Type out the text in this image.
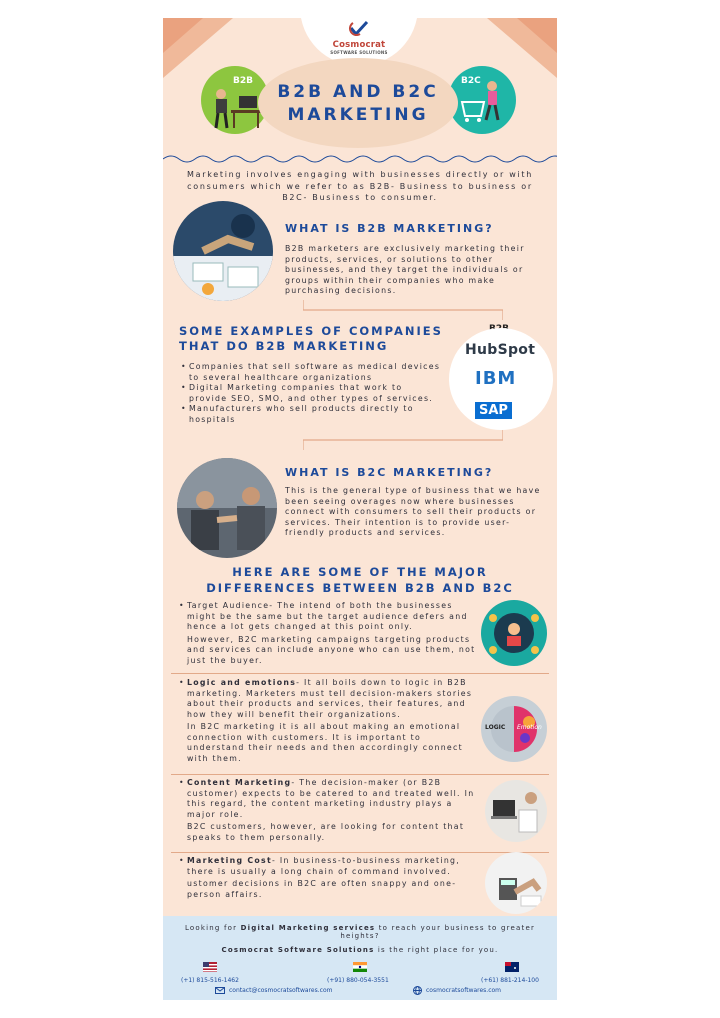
Cosmocrat
SOFTWARE SOLUTIONS
B2B	B2C
B2B AND B2C
MARKETING
Marketing involves engaging with businesses directly or with consumers which we refer to as B2B- Business to business or B2C- Business to consumer.
WHAT IS B2B MARKETING?
B2B marketers are exclusively marketing their products, services, or solutions to other businesses, and they target the individuals or groups within their companies who make purchasing decisions.
SOME EXAMPLES OF COMPANIES
THAT DO B2B MARKETING
• Companies that sell software as medical devices to several healthcare organizations
• Digital Marketing companies that work to provide SEO, SMO, and other types of services.
• Manufacturers who sell products directly to hospitals
HubSpot
IBM
SAP
WHAT IS B2C MARKETING?
This is the general type of business that we have been seeing overages now where businesses connect with consumers to sell their products or services. Their intention is to provide user-friendly products and services.
HERE ARE SOME OF THE MAJOR
DIFFERENCES BETWEEN B2B AND B2C
• Target Audience- The intend of both the businesses might be the same but the target audience defers and hence a lot gets changed at this point only.
However, B2C marketing campaigns targeting products and services can include anyone who can use them, not just the buyer.
• Logic and emotions- It all boils down to logic in B2B marketing. Marketers must tell decision-makers stories about their products and services, their features, and how they will benefit their organizations.
In B2C marketing it is all about making an emotional connection with customers. It is important to understand their needs and then accordingly connect with them.
LOGIC Emotion
• Content Marketing- The decision-maker (or B2B customer) expects to be catered to and treated well. In this regard, the content marketing industry plays a major role.
B2C customers, however, are looking for content that speaks to them personally.
• Marketing Cost- In business-to-business marketing, there is usually a long chain of command involved.
ustomer decisions in B2C are often snappy and one-person affairs.
Looking for Digital Marketing services to reach your business to greater heights?
Cosmocrat Software Solutions is the right place for you.
(+1) 815-516-1462	(+91) 880-054-3551	(+61) 881-214-100
contact@cosmocratsoftwares.com	cosmocratsoftwares.com
